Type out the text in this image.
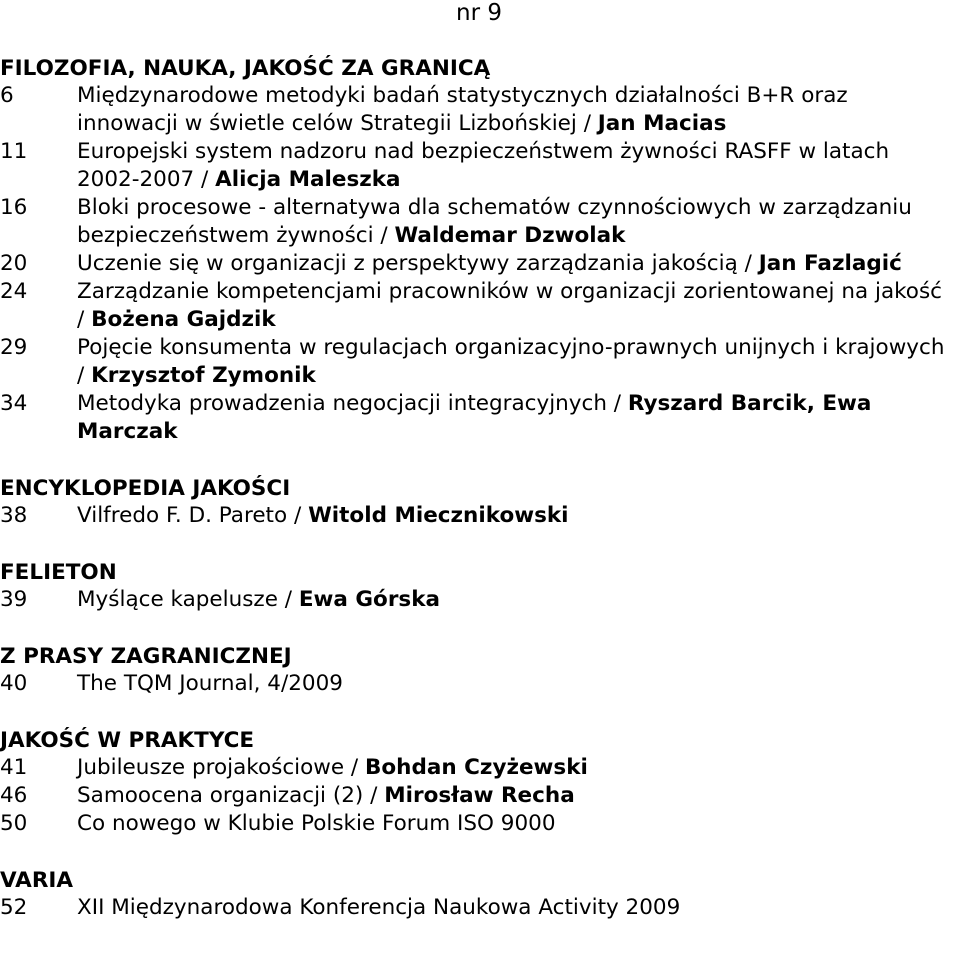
nr 9
FILOZOFIA, NAUKA, JAKOŚĆ ZA GRANICĄ
6	Międzynarodowe metodyki badań statystycznych działalności B+R oraz innowacji w świetle celów Strategii Lizbońskiej / Jan Macias
11	Europejski system nadzoru nad bezpieczeństwem żywności RASFF w latach 2002-2007 / Alicja Maleszka
16	Bloki procesowe - alternatywa dla schematów czynnościowych w zarządzaniu bezpieczeństwem żywności / Waldemar Dzwolak
20	Uczenie się w organizacji z perspektywy zarządzania jakością / Jan Fazlagić
24	Zarządzanie kompetencjami pracowników w organizacji zorientowanej na jakość / Bożena Gajdzik
29	Pojęcie konsumenta w regulacjach organizacyjno-prawnych unijnych i krajowych / Krzysztof Zymonik
34	Metodyka prowadzenia negocjacji integracyjnych / Ryszard Barcik, Ewa Marczak
ENCYKLOPEDIA JAKOŚCI
38	Vilfredo F. D. Pareto / Witold Miecznikowski
FELIETON
39	Myślące kapelusze / Ewa Górska
Z PRASY ZAGRANICZNEJ
40	The TQM Journal, 4/2009
JAKOŚĆ W PRAKTYCE
41	Jubileusze projakościowe / Bohdan Czyżewski
46	Samoocena organizacji (2) / Mirosław Recha
50	Co nowego w Klubie Polskie Forum ISO 9000
VARIA
52	XII Międzynarodowa Konferencja Naukowa Activity 2009
